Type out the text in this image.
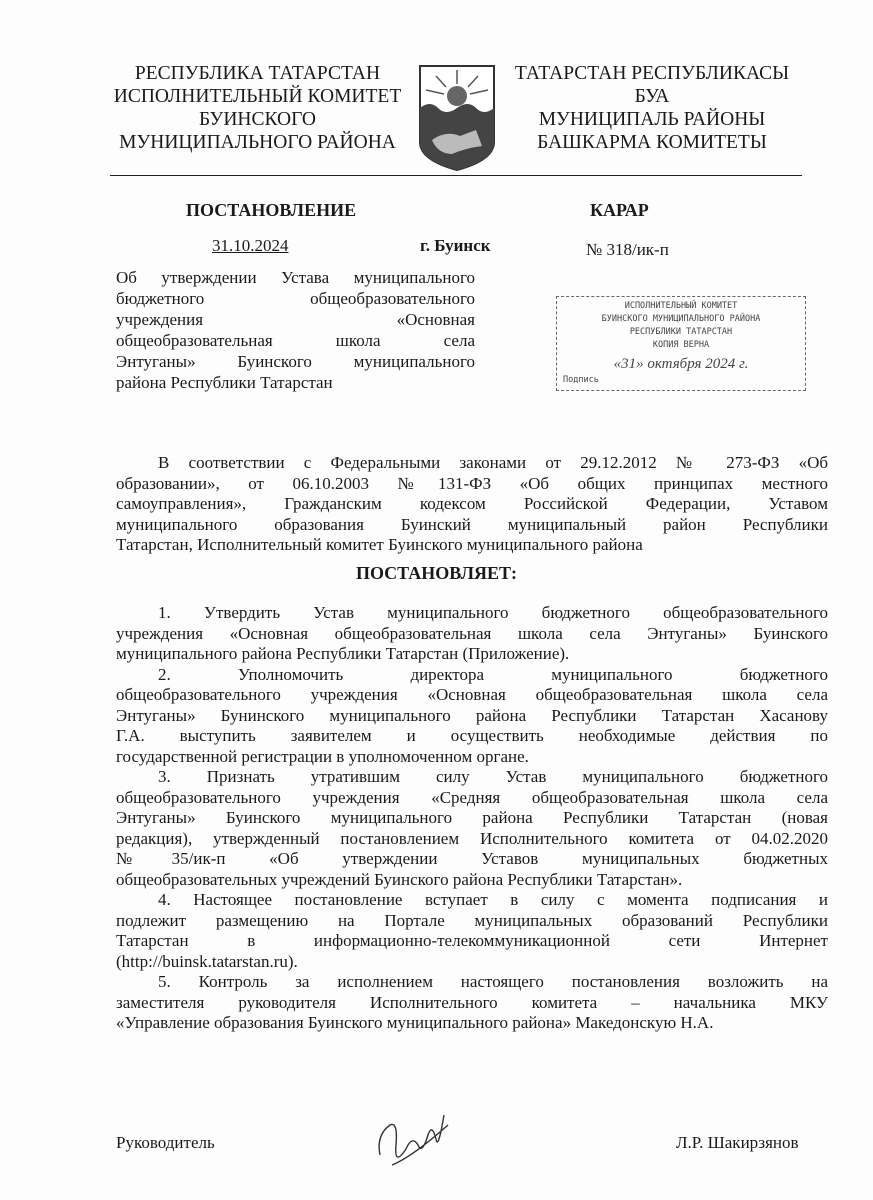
РЕСПУБЛИКА ТАТАРСТАН
ИСПОЛНИТЕЛЬНЫЙ КОМИТЕТ
БУИНСКОГО
МУНИЦИПАЛЬНОГО РАЙОНА
ТАТАРСТАН РЕСПУБЛИКАСЫ
БУА
МУНИЦИПАЛЬ РАЙОНЫ
БАШКАРМА КОМИТЕТЫ
ПОСТАНОВЛЕНИЕ	КАРАР
31.10.2024	г. Буинск	№ 318/ик-п
Об утверждении Устава муниципального
бюджетного общеобразовательного
учреждения «Основная
общеобразовательная школа села
Энтуганы» Буинского муниципального
района Республики Татарстан
ИСПОЛНИТЕЛЬНЫЙ КОМИТЕТ
БУИНСКОГО МУНИЦИПАЛЬНОГО РАЙОНА
РЕСПУБЛИКИ ТАТАРСТАН
КОПИЯ ВЕРНА
«31» октября 2024 г.
Подпись
В соответствии с Федеральными законами от 29.12.2012 № 273-ФЗ «Об
образовании», от 06.10.2003 №131-ФЗ «Об общих принципах местного
самоуправления», Гражданским кодексом Российской Федерации, Уставом
муниципального образования Буинский муниципальный район Республики
Татарстан, Исполнительный комитет Буинского муниципального района
ПОСТАНОВЛЯЕТ:
1. Утвердить Устав муниципального бюджетного общеобразовательного
учреждения «Основная общеобразовательная школа села Энтуганы» Буинского
муниципального района Республики Татарстан (Приложение).
2. Уполномочить директора муниципального бюджетного
общеобразовательного учреждения «Основная общеобразовательная школа села
Энтуганы» Бунинского муниципального района Республики Татарстан Хасанову
Г.А. выступить заявителем и осуществить необходимые действия по
государственной регистрации в уполномоченном органе.
3. Признать утратившим силу Устав муниципального бюджетного
общеобразовательного учреждения «Средняя общеобразовательная школа села
Энтуганы» Буинского муниципального района Республики Татарстан (новая
редакция), утвержденный постановлением Исполнительного комитета от 04.02.2020
№35/ик-п «Об утверждении Уставов муниципальных бюджетных
общеобразовательных учреждений Буинского района Республики Татарстан».
4. Настоящее постановление вступает в силу с момента подписания и
подлежит размещению на Портале муниципальных образований Республики
Татарстан в информационно-телекоммуникационной сети Интернет
(http://buinsk.tatarstan.ru).
5. Контроль за исполнением настоящего постановления возложить на
заместителя руководителя Исполнительного комитета – начальника МКУ
«Управление образования Буинского муниципального района» Македонскую Н.А.
Руководитель	Л.Р. Шакирзянов
